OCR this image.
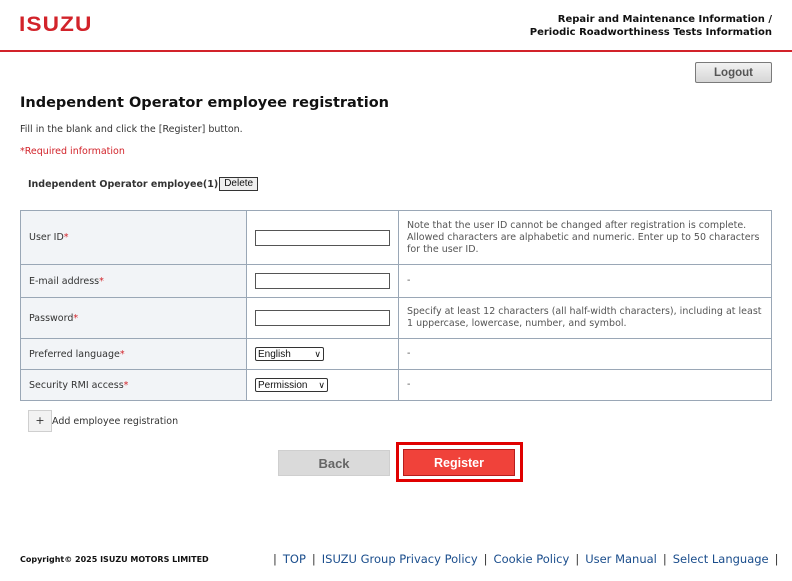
ISUZU	Repair and Maintenance Information /
Periodic Roadworthiness Tests Information
Logout
Independent Operator employee registration
Fill in the blank and click the [Register] button.
*Required information
Independent Operator employee(1) Delete
User ID*		Note that the user ID cannot be changed after registration is complete. Allowed characters are alphabetic and numeric. Enter up to 50 characters for the user ID.
E-mail address*		-
Password*		Specify at least 12 characters (all half-width characters), including at least 1 uppercase, lowercase, number, and symbol.
Preferred language*	English ∨	-
Security RMI access*	Permission ∨	-
+ Add employee registration
Back	Register
Copyright© 2025 ISUZU MOTORS LIMITED	| TOP | ISUZU Group Privacy Policy | Cookie Policy | User Manual | Select Language |
